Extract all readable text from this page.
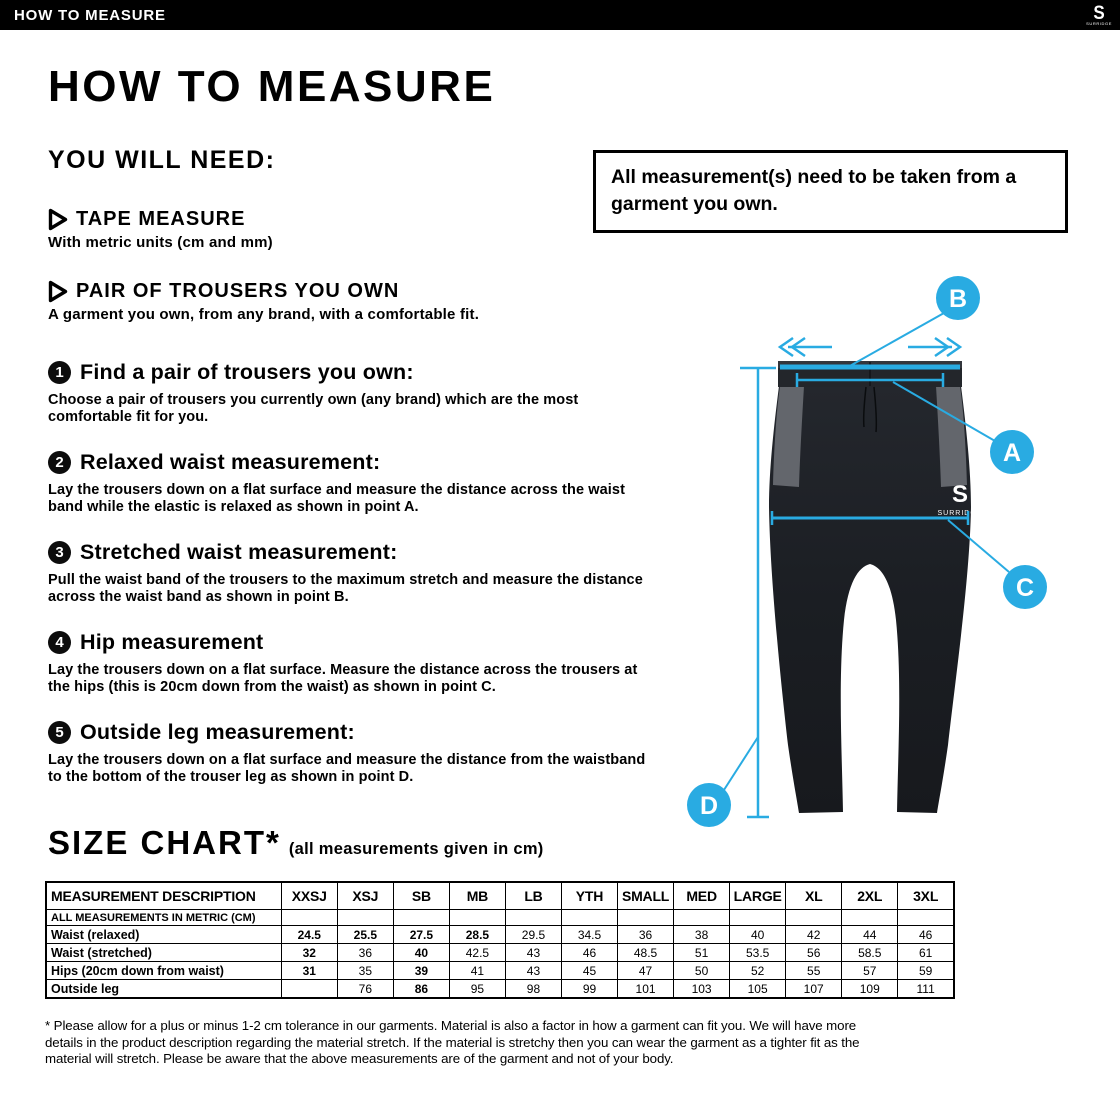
HOW TO MEASURE	S
SURRIDGE
HOW TO MEASURE
YOU WILL NEED:
All measurement(s) need to be taken from a garment you own.
TAPE MEASURE
With metric units (cm and mm)
PAIR OF TROUSERS YOU OWN
A garment you own, from any brand, with a comfortable fit.
1 Find a pair of trousers you own:
Choose a pair of trousers you currently own (any brand) which are the most comfortable fit for you.
2 Relaxed waist measurement:
Lay the trousers down on a flat surface and measure the distance across the waist band while the elastic is relaxed as shown in point A.
3 Stretched waist measurement:
Pull the waist band of the trousers to the maximum stretch and measure the distance across the waist band as shown in point B.
4 Hip measurement
Lay the trousers down on a flat surface. Measure the distance across the trousers at the hips (this is 20cm down from the waist) as shown in point C.
5 Outside leg measurement:
Lay the trousers down on a flat surface and measure the distance from the waistband to the bottom of the trouser leg as shown in point D.
S
SURRIDGE
B
A
C
D
SIZE CHART* (all measurements given in cm)
MEASUREMENT DESCRIPTION	XXSJ	XSJ	SB	MB	LB	YTH	SMALL	MED	LARGE	XL	2XL	3XL
ALL MEASUREMENTS IN METRIC (CM)												
Waist (relaxed)	24.5	25.5	27.5	28.5	29.5	34.5	36	38	40	42	44	46
Waist (stretched)	32	36	40	42.5	43	46	48.5	51	53.5	56	58.5	61
Hips (20cm down from waist)	31	35	39	41	43	45	47	50	52	55	57	59
Outside leg		76	86	95	98	99	101	103	105	107	109	111
* Please allow for a plus or minus 1-2 cm tolerance in our garments. Material is also a factor in how a garment can fit you. We will have more details in the product description regarding the material stretch. If the material is stretchy then you can wear the garment as a tighter fit as the material will stretch. Please be aware that the above measurements are of the garment and not of your body.
